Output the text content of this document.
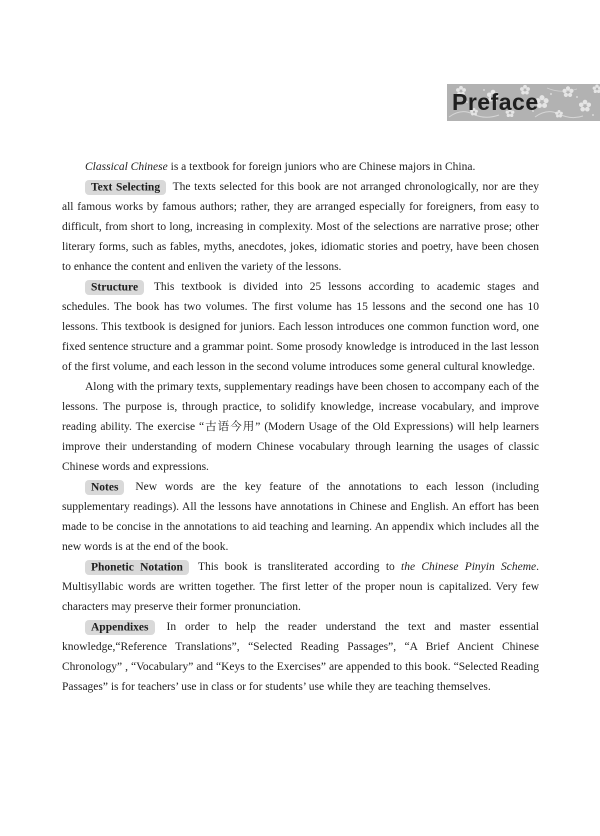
Preface

Classical Chinese is a textbook for foreign juniors who are Chinese majors in China.

Text Selecting The texts selected for this book are not arranged chronologically, nor are they all famous works by famous authors; rather, they are arranged especially for foreigners, from easy to difficult, from short to long, increasing in complexity. Most of the selections are narrative prose; other literary forms, such as fables, myths, anecdotes, jokes, idiomatic stories and poetry, have been chosen to enhance the content and enliven the variety of the lessons.

Structure This textbook is divided into 25 lessons according to academic stages and schedules. The book has two volumes. The first volume has 15 lessons and the second one has 10 lessons. This textbook is designed for juniors. Each lesson introduces one common function word, one fixed sentence structure and a grammar point. Some prosody knowledge is introduced in the last lesson of the first volume, and each lesson in the second volume introduces some general cultural knowledge.

Along with the primary texts, supplementary readings have been chosen to accompany each of the lessons. The purpose is, through practice, to solidify knowledge, increase vocabulary, and improve reading ability. The exercise “古语今用” (Modern Usage of the Old Expressions) will help learners improve their understanding of modern Chinese vocabulary through learning the usages of classic Chinese words and expressions.

Notes New words are the key feature of the annotations to each lesson (including supplementary readings). All the lessons have annotations in Chinese and English. An effort has been made to be concise in the annotations to aid teaching and learning. An appendix which includes all the new words is at the end of the book.

Phonetic Notation This book is transliterated according to the Chinese Pinyin Scheme. Multisyllabic words are written together. The first letter of the proper noun is capitalized. Very few characters may preserve their former pronunciation.

Appendixes In order to help the reader understand the text and master essential knowledge,“Reference Translations”, “Selected Reading Passages”, “A Brief Ancient Chinese Chronology” , “Vocabulary” and “Keys to the Exercises” are appended to this book. “Selected Reading Passages” is for teachers’ use in class or for students’ use while they are teaching themselves.
